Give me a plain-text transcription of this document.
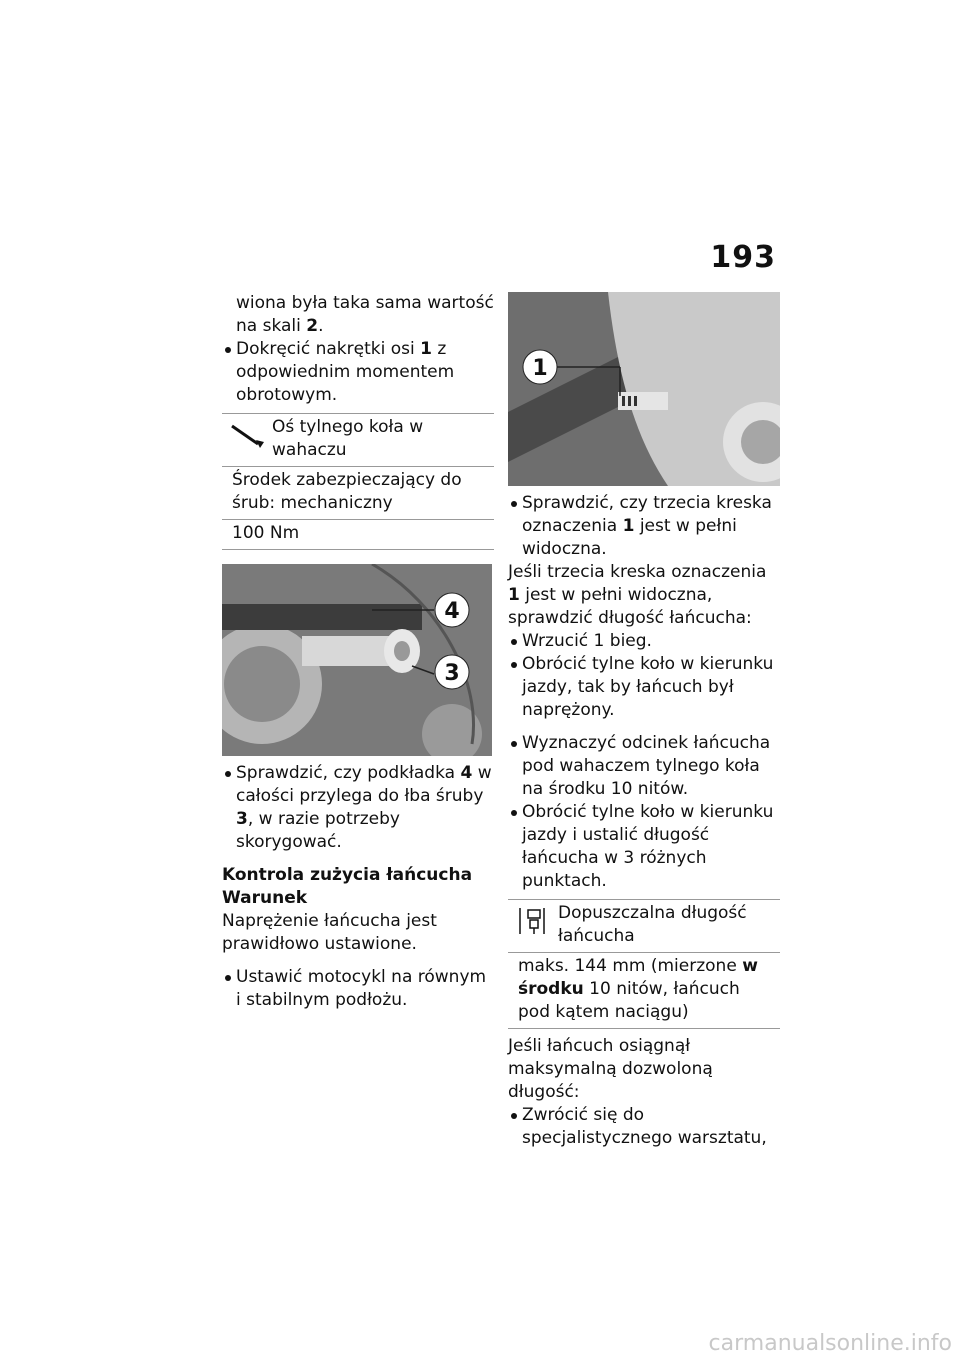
193

wiona była taka sama wartość
na skali 2.

Dokręcić nakrętki osi 1 z odpowiednim momentem obrotowym.

Oś tylnego koła w wahaczu
Środek zabezpieczający do śrub: mechaniczny
100 Nm
4
3

Sprawdzić, czy podkładka 4 w całości przylega do łba śruby 3, w razie potrzeby skorygować.

Kontrola zużycia łańcucha

Warunek

Naprężenie łańcucha jest prawidłowo ustawione.

Ustawić motocykl na równym i stabilnym podłożu.

1

Sprawdzić, czy trzecia kreska oznaczenia 1 jest w pełni widoczna.

Jeśli trzecia kreska oznaczenia 1 jest w pełni widoczna, sprawdzić długość łańcucha:

Wrzucić 1 bieg.

Obrócić tylne koło w kierunku jazdy, tak by łańcuch był naprężony.

Wyznaczyć odcinek łańcucha pod wahaczem tylnego koła na środku 10 nitów.

Obrócić tylne koło w kierunku jazdy i ustalić długość łańcucha w 3 różnych punktach.

Dopuszczalna długość łańcucha
maks. 144 mm (mierzone w środku 10 nitów, łańcuch pod kątem naciągu)

Jeśli łańcuch osiągnął maksymalną dozwoloną długość:

Zwrócić się do specjalistycznego warsztatu,

carmanualsonline.info
